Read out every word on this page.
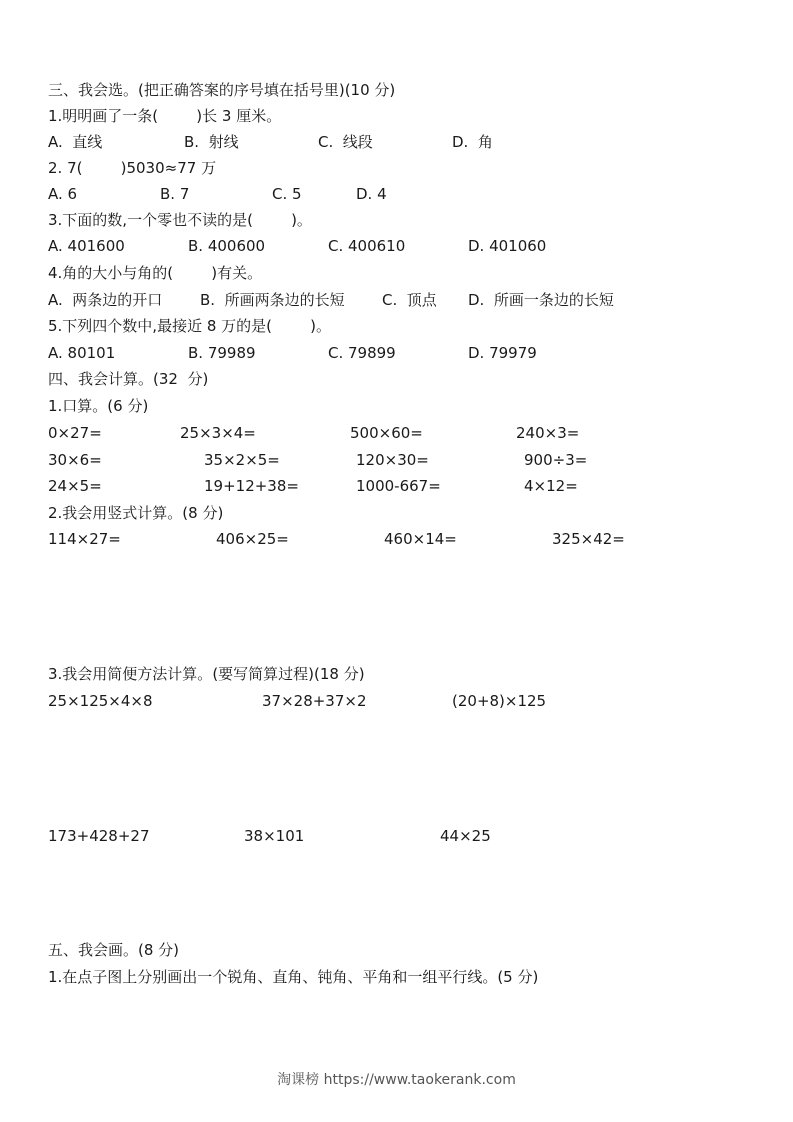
三、我会选。(把正确答案的序号填在括号里)(10 分)
1.明明画了一条(        )长 3 厘米。
A.  直线	B.  射线	C.  线段	D.  角
2. 7(        )5030≈77 万
A. 6	B. 7	C. 5	D. 4
3.下面的数,一个零也不读的是(        )。
A. 401600	B. 400600	C. 400610	D. 401060
4.角的大小与角的(        )有关。
A.  两条边的开口	B.  所画两条边的长短 C.  顶点 D.  所画一条边的长短
5.下列四个数中,最接近 8 万的是(        )。
A. 80101	B. 79989	C. 79899	D. 79979
四、我会计算。(32  分)
1.口算。(6 分)
0×27=	25×3×4=	500×60=	240×3=
30×6=	35×2×5=	120×30=	900÷3=
24×5=	19+12+38=	1000-667=	4×12=
2.我会用竖式计算。(8 分)
114×27=	406×25=	460×14=	325×42=
3.我会用简便方法计算。(要写简算过程)(18 分)
25×125×4×8	37×28+37×2	(20+8)×125
173+428+27	38×101	44×25
五、我会画。(8 分)
1.在点子图上分别画出一个锐角、直角、钝角、平角和一组平行线。(5 分)
淘课榜 https://www.taokerank.com
